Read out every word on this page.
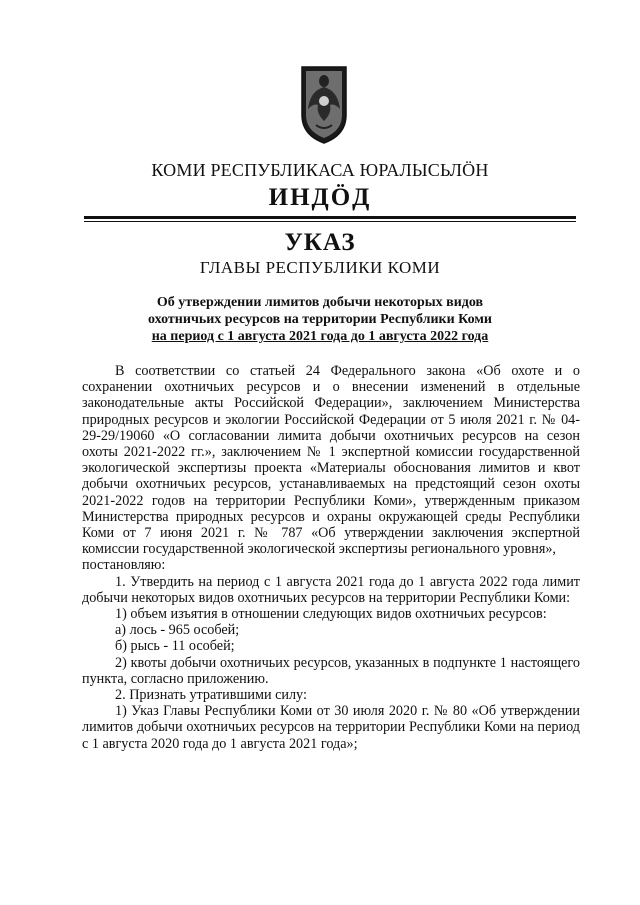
КОМИ РЕСПУБЛИКАСА ЮРАЛЫСЬЛÖН
ИНДÖД
УКАЗ
ГЛАВЫ РЕСПУБЛИКИ КОМИ
Об утверждении лимитов добычи некоторых видов
охотничьих ресурсов на территории Республики Коми
на период с 1 августа 2021 года до 1 августа 2022 года

В соответствии со статьей 24 Федерального закона «Об охоте и о сохранении охотничьих ресурсов и о внесении изменений в отдельные законодательные акты Российской Федерации», заключением Министерства природных ресурсов и экологии Российской Федерации от 5 июля 2021 г. № 04-29-29/19060 «О согласовании лимита добычи охотничьих ресурсов на сезон охоты 2021-2022 гг.», заключением № 1 экспертной комиссии государственной экологической экспертизы проекта «Материалы обоснования лимитов и квот добычи охотничьих ресурсов, устанавливаемых на предстоящий сезон охоты 2021-2022 годов на территории Республики Коми», утвержденным приказом Министерства природных ресурсов и охраны окружающей среды Республики Коми от 7 июня 2021 г. № 787 «Об утверждении заключения экспертной комиссии государственной экологической экспертизы регионального уровня»,

постановляю:

1. Утвердить на период с 1 августа 2021 года до 1 августа 2022 года лимит добычи некоторых видов охотничьих ресурсов на территории Республики Коми:

1) объем изъятия в отношении следующих видов охотничьих ресурсов:

а) лось - 965 особей;

б) рысь - 11 особей;

2) квоты добычи охотничьих ресурсов, указанных в подпункте 1 настоящего пункта, согласно приложению.

2. Признать утратившими силу:

1) Указ Главы Республики Коми от 30 июля 2020 г. № 80 «Об утверждении лимитов добычи охотничьих ресурсов на территории Республики Коми на период с 1 августа 2020 года до 1 августа 2021 года»;
